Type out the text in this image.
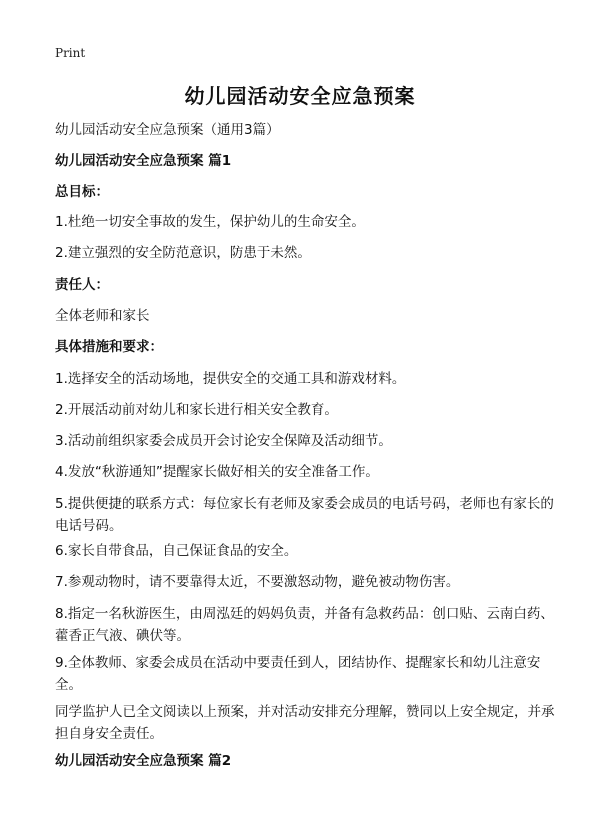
Print
幼儿园活动安全应急预案
幼儿园活动安全应急预案（通用3篇）
幼儿园活动安全应急预案 篇1
总目标：
1.杜绝一切安全事故的发生，保护幼儿的生命安全。
2.建立强烈的安全防范意识，防患于未然。
责任人：
全体老师和家长
具体措施和要求：
1.选择安全的活动场地，提供安全的交通工具和游戏材料。
2.开展活动前对幼儿和家长进行相关安全教育。
3.活动前组织家委会成员开会讨论安全保障及活动细节。
4.发放“秋游通知”提醒家长做好相关的安全准备工作。
5.提供便捷的联系方式：每位家长有老师及家委会成员的电话号码，老师也有家长的电话号码。
6.家长自带食品，自己保证食品的安全。
7.参观动物时，请不要靠得太近，不要激怒动物，避免被动物伤害。
8.指定一名秋游医生，由周泓廷的妈妈负责，并备有急救药品：创口贴、云南白药、藿香正气液、碘伏等。
9.全体教师、家委会成员在活动中要责任到人，团结协作、提醒家长和幼儿注意安全。
同学监护人已全文阅读以上预案，并对活动安排充分理解，赞同以上安全规定，并承担自身安全责任。
幼儿园活动安全应急预案 篇2
